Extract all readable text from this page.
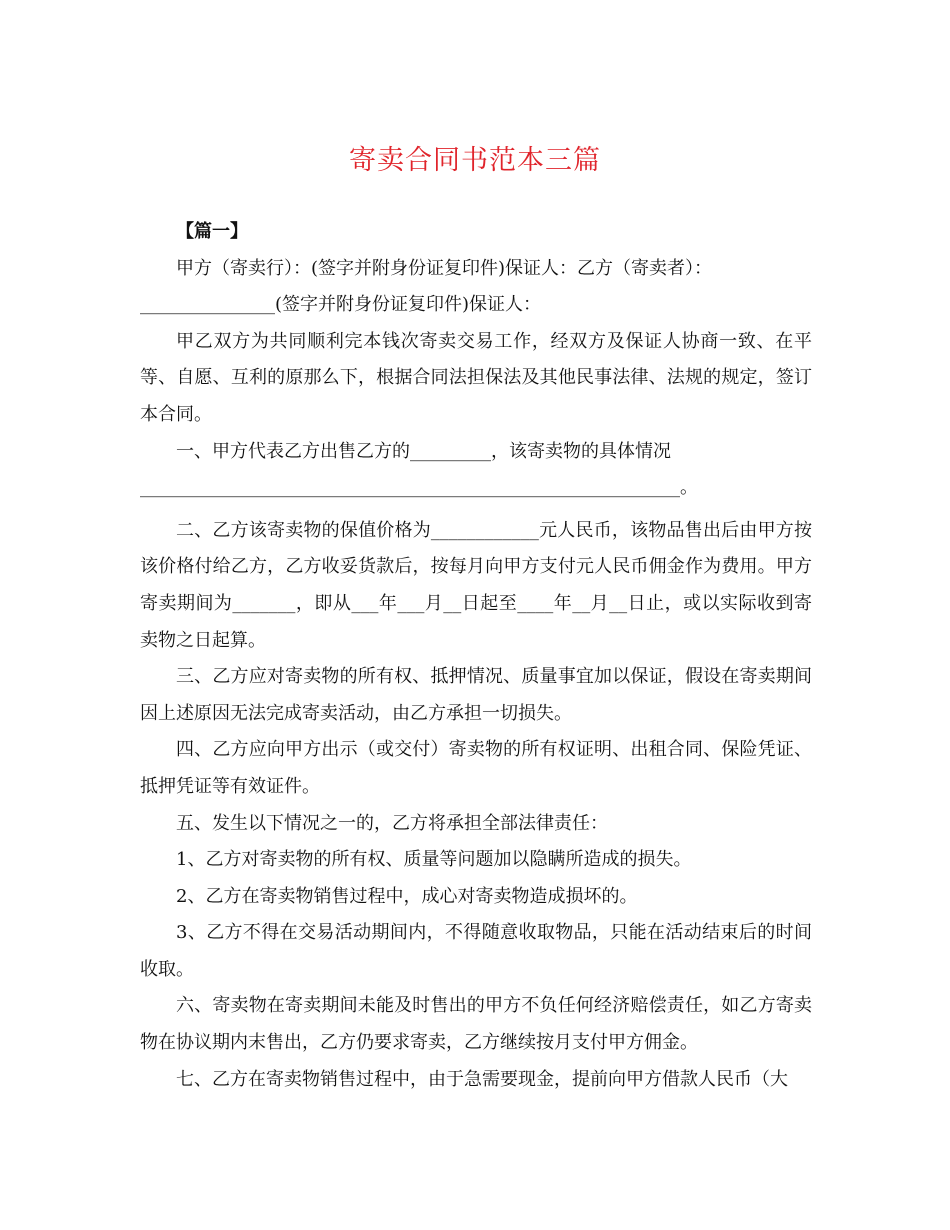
寄卖合同书范本三篇

【篇一】

甲方（寄卖行）：(签字并附身份证复印件)保证人：乙方（寄卖者）：

_______________(签字并附身份证复印件)保证人：

甲乙双方为共同顺利完本钱次寄卖交易工作，经双方及保证人协商一致、在平等、自愿、互利的原那么下，根据合同法担保法及其他民事法律、法规的规定，签订本合同。

一、甲方代表乙方出售乙方的_________，该寄卖物的具体情况

____________________________________________________________。

二、乙方该寄卖物的保值价格为____________元人民币，该物品售出后由甲方按该价格付给乙方，乙方收妥货款后，按每月向甲方支付元人民币佣金作为费用。甲方寄卖期间为_______，即从___年___月__日起至____年__月__日止，或以实际收到寄卖物之日起算。

三、乙方应对寄卖物的所有权、抵押情况、质量事宜加以保证，假设在寄卖期间因上述原因无法完成寄卖活动，由乙方承担一切损失。

四、乙方应向甲方出示（或交付）寄卖物的所有权证明、出租合同、保险凭证、抵押凭证等有效证件。

五、发生以下情况之一的，乙方将承担全部法律责任：

1、乙方对寄卖物的所有权、质量等问题加以隐瞒所造成的损失。

2、乙方在寄卖物销售过程中，成心对寄卖物造成损坏的。

3、乙方不得在交易活动期间内，不得随意收取物品，只能在活动结束后的时间收取。

六、寄卖物在寄卖期间未能及时售出的甲方不负任何经济赔偿责任，如乙方寄卖物在协议期内末售出，乙方仍要求寄卖，乙方继续按月支付甲方佣金。

七、乙方在寄卖物销售过程中，由于急需要现金，提前向甲方借款人民币（大
